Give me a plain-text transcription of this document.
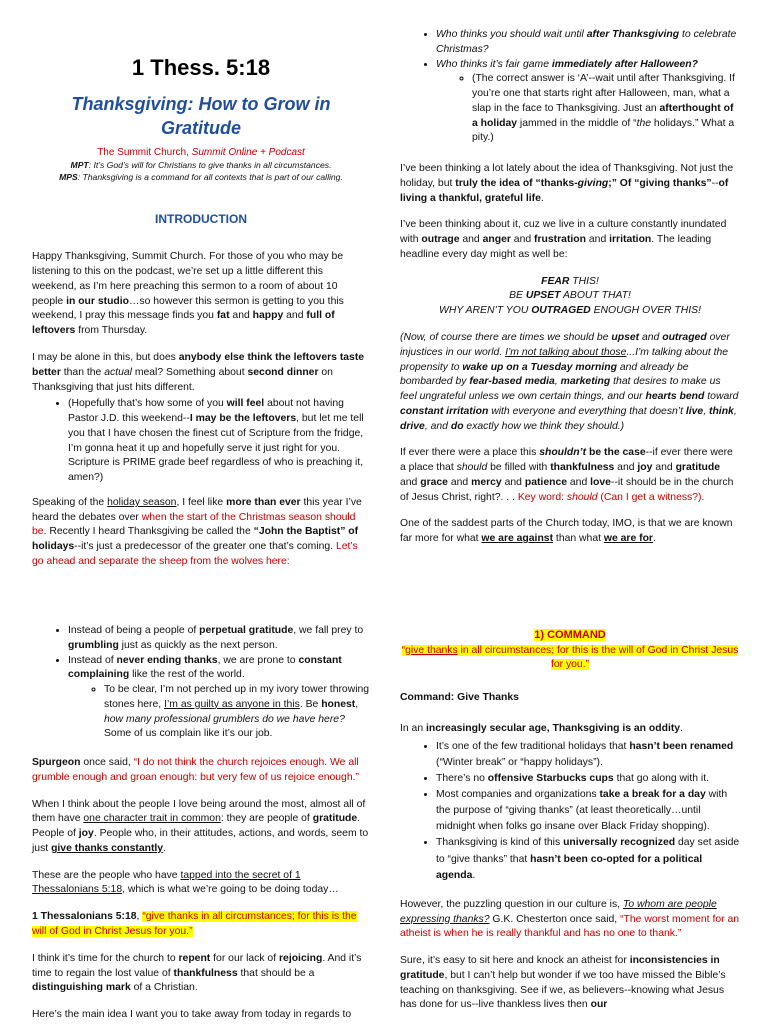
1 Thess. 5:18
Thanksgiving: How to Grow in Gratitude

The Summit Church, Summit Online + Podcast

MPT: It’s God’s will for Christians to give thanks in all circumstances.

MPS: Thanksgiving is a command for all contexts that is part of our calling.

INTRODUCTION

Happy Thanksgiving, Summit Church. For those of you who may be listening to this on the podcast, we’re set up a little different this weekend, as I’m here preaching this sermon to a room of about 10 people in our studio…so however this sermon is getting to you this weekend, I pray this message finds you fat and happy and full of leftovers from Thursday.

I may be alone in this, but does anybody else think the leftovers taste better than the actual meal? Something about second dinner on Thanksgiving that just hits different.

• (Hopefully that’s how some of you will feel about not having Pastor J.D. this weekend--I may be the leftovers, but let me tell you that I have chosen the finest cut of Scripture from the fridge, I’m gonna heat it up and hopefully serve it just right for you. Scripture is PRIME grade beef regardless of who is preaching it, amen?)

Speaking of the holiday season, I feel like more than ever this year I’ve heard the debates over when the start of the Christmas season should be. Recently I heard Thanksgiving be called the “John the Baptist” of holidays--it’s just a predecessor of the greater one that’s coming. Let’s go ahead and separate the sheep from the wolves here:

• Who thinks you should wait until after Thanksgiving to celebrate Christmas?
• Who thinks it’s fair game immediately after Halloween?
◦ (The correct answer is ‘A’--wait until after Thanksgiving. If you’re one that starts right after Halloween, man, what a slap in the face to Thanksgiving. Just an afterthought of a holiday jammed in the middle of “the holidays.” What a pity.)

I’ve been thinking a lot lately about the idea of Thanksgiving. Not just the holiday, but truly the idea of “thanks-giving;” Of “giving thanks”--of living a thankful, grateful life.

I’ve been thinking about it, cuz we live in a culture constantly inundated with outrage and anger and frustration and irritation. The leading headline every day might as well be:

FEAR THIS!
BE UPSET ABOUT THAT!
WHY AREN’T YOU OUTRAGED ENOUGH OVER THIS!

(Now, of course there are times we should be upset and outraged over injustices in our world. I’m not talking about those...I’m talking about the propensity to wake up on a Tuesday morning and already be bombarded by fear-based media, marketing that desires to make us feel ungrateful unless we own certain things, and our hearts bend toward constant irritation with everyone and everything that doesn’t live, think, drive, and do exactly how we think they should.)

If ever there were a place this shouldn’t be the case--if ever there were a place that should be filled with thankfulness and joy and gratitude and grace and mercy and patience and love--it should be in the church of Jesus Christ, right?. . . Key word: should (Can I get a witness?).

One of the saddest parts of the Church today, IMO, is that we are known far more for what we are against than what we are for.

• Instead of being a people of perpetual gratitude, we fall prey to grumbling just as quickly as the next person.
• Instead of never ending thanks, we are prone to constant complaining like the rest of the world.
◦ To be clear, I’m not perched up in my ivory tower throwing stones here, I’m as guilty as anyone in this. Be honest, how many professional grumblers do we have here? Some of us complain like it’s our job.

Spurgeon once said, “I do not think the church rejoices enough. We all grumble enough and groan enough: but very few of us rejoice enough.”

When I think about the people I love being around the most, almost all of them have one character trait in common: they are people of gratitude. People of joy. People who, in their attitudes, actions, and words, seem to just give thanks constantly.

These are the people who have tapped into the secret of 1 Thessalonians 5:18, which is what we’re going to be doing today…

1 Thessalonians 5:18, “give thanks in all circumstances; for this is the will of God in Christ Jesus for you.”

I think it’s time for the church to repent for our lack of rejoicing. And it’s time to regain the lost value of thankfulness that should be a distinguishing mark of a Christian.

Here’s the main idea I want you to take away from today in regards to

1) COMMAND

“give thanks in all circumstances; for this is the will of God in Christ Jesus for you.”

Command: Give Thanks

In an increasingly secular age, Thanksgiving is an oddity.

• It’s one of the few traditional holidays that hasn’t been renamed (“Winter break” or “happy holidays”).
• There’s no offensive Starbucks cups that go along with it.
• Most companies and organizations take a break for a day with the purpose of “giving thanks” (at least theoretically…until midnight when folks go insane over Black Friday shopping).
• Thanksgiving is kind of this universally recognized day set aside to “give thanks” that hasn’t been co-opted for a political agenda.

However, the puzzling question in our culture is, To whom are people expressing thanks? G.K. Chesterton once said, “The worst moment for an atheist is when he is really thankful and has no one to thank.”

Sure, it’s easy to sit here and knock an atheist for inconsistencies in gratitude, but I can’t help but wonder if we too have missed the Bible’s teaching on thanksgiving. See if we, as believers--knowing what Jesus has done for us--live thankless lives then our
